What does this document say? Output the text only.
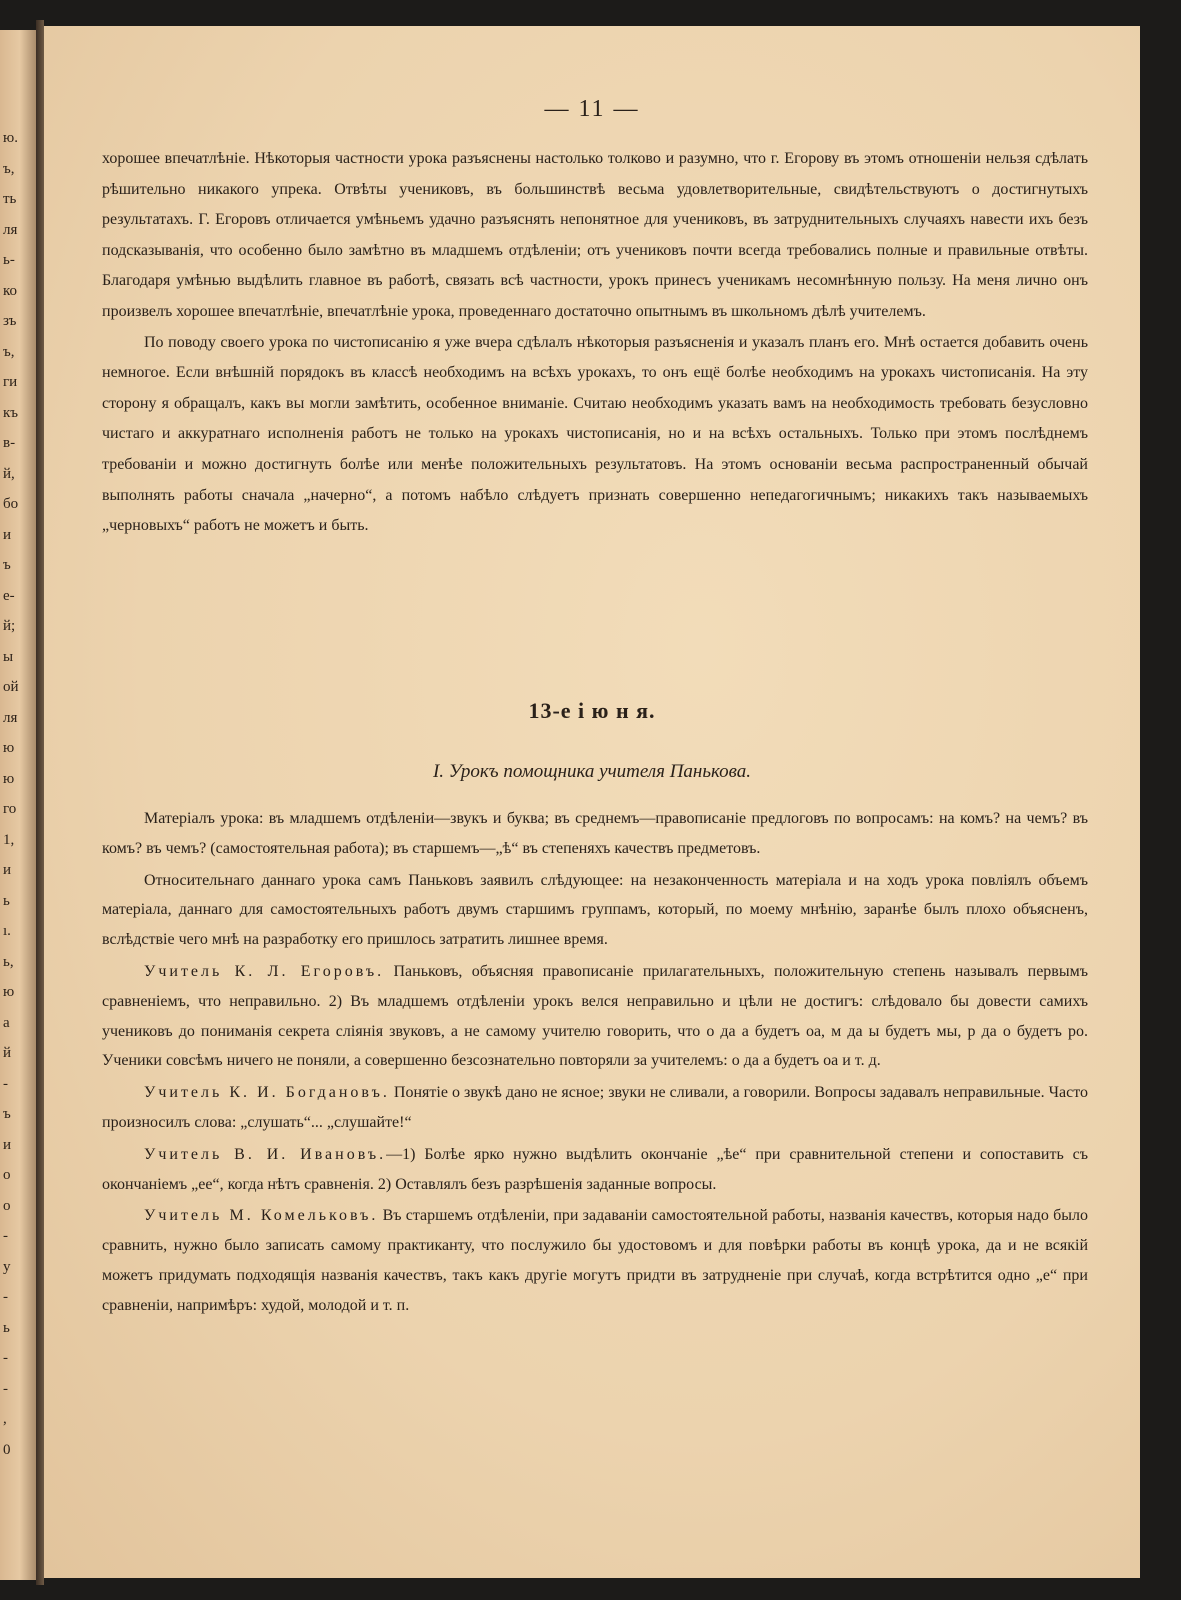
ю.
ъ,
ть
ля
ь-
ко
зъ
ъ,
ги
къ
в-
й,
бо
и
ъ
е-
й;
ы
ой
ля
ю
ю
го
1,
и
ь
ı.
ь,
ю
а
й
-
ъ
и
о
о
-
у
-
ь
-
-
,
0
— 11 —

хорошее впечатлѣніе. Нѣкоторыя частности урока разъяснены настолько толково и разумно, что г. Егорову въ этомъ отношеніи нельзя сдѣлать рѣшительно никакого упрека. Отвѣты учениковъ, въ большинствѣ весьма удовлетворительные, свидѣтельствуютъ о достигнутыхъ результатахъ. Г. Егоровъ отличается умѣньемъ удачно разъяснять непонятное для учениковъ, въ затруднительныхъ случаяхъ навести ихъ безъ подсказыванія, что особенно было замѣтно въ младшемъ отдѣленіи; отъ учениковъ почти всегда требовались полные и правильные отвѣты. Благодаря умѣнью выдѣлить главное въ работѣ, связать всѣ частности, урокъ принесъ ученикамъ несомнѣнную пользу. На меня лично онъ произвелъ хорошее впечатлѣніе, впечатлѣніе урока, проведеннаго достаточно опытнымъ въ школьномъ дѣлѣ учителемъ.

По поводу своего урока по чистописанію я уже вчера сдѣлалъ нѣкоторыя разъясненія и указалъ планъ его. Мнѣ остается добавить очень немногое. Если внѣшній порядокъ въ классѣ необходимъ на всѣхъ урокахъ, то онъ ещё болѣе необходимъ на урокахъ чистописанія. На эту сторону я обращалъ, какъ вы могли замѣтить, особенное вниманіе. Считаю необходимъ указать вамъ на необходимость требовать безусловно чистаго и аккуратнаго исполненія работъ не только на урокахъ чистописанія, но и на всѣхъ остальныхъ. Только при этомъ послѣднемъ требованіи и можно достигнуть болѣе или менѣе положительныхъ результатовъ. На этомъ основаніи весьма распространенный обычай выполнять работы сначала „начерно“, а потомъ набѣло слѣдуетъ признать совершенно непедагогичнымъ; никакихъ такъ называемыхъ „черновыхъ“ работъ не можетъ и быть.

13-е і ю н я.
I. Урокъ помощника учителя Панькова.

Матеріалъ урока: въ младшемъ отдѣленіи—звукъ и буква; въ среднемъ—правописаніе предлоговъ по вопросамъ: на комъ? на чемъ? въ комъ? въ чемъ? (самостоятельная работа); въ старшемъ—„ѣ“ въ степеняхъ качествъ предметовъ.

Относительнаго даннаго урока самъ Паньковъ заявилъ слѣдующее: на незаконченность матеріала и на ходъ урока повліялъ объемъ матеріала, даннаго для самостоятельныхъ работъ двумъ старшимъ группамъ, который, по моему мнѣнію, заранѣе былъ плохо объясненъ, вслѣдствіе чего мнѣ на разработку его пришлось затратить лишнее время.

Учитель К. Л. Егоровъ. Паньковъ, объясняя правописаніе прилагательныхъ, положительную степень называлъ первымъ сравненіемъ, что неправильно. 2) Въ младшемъ отдѣленіи урокъ велся неправильно и цѣли не достигъ: слѣдовало бы довести самихъ учениковъ до пониманія секрета сліянія звуковъ, а не самому учителю говорить, что о да а будетъ оа, м да ы будетъ мы, р да о будетъ ро. Ученики совсѣмъ ничего не поняли, а совершенно безсознательно повторяли за учителемъ: о да а будетъ оа и т. д.

Учитель К. И. Богдановъ. Понятіе о звукѣ дано не ясное; звуки не сливали, а говорили. Вопросы задавалъ неправильные. Часто произносилъ слова: „слушать“... „слушайте!“

Учитель В. И. Ивановъ.—1) Болѣе ярко нужно выдѣлить окончаніе „ѣе“ при сравнительной степени и сопоставить съ окончаніемъ „ее“, когда нѣтъ сравненія. 2) Оставлялъ безъ разрѣшенія заданные вопросы.

Учитель М. Комельковъ. Въ старшемъ отдѣленіи, при задаваніи самостоятельной работы, названія качествъ, которыя надо было сравнить, нужно было записать самому практиканту, что послужило бы удостовомъ и для повѣрки работы въ концѣ урока, да и не всякій можетъ придумать подходящія названія качествъ, такъ какъ другіе могутъ придти въ затрудненіе при случаѣ, когда встрѣтится одно „е“ при сравненіи, напримѣръ: худой, молодой и т. п.
